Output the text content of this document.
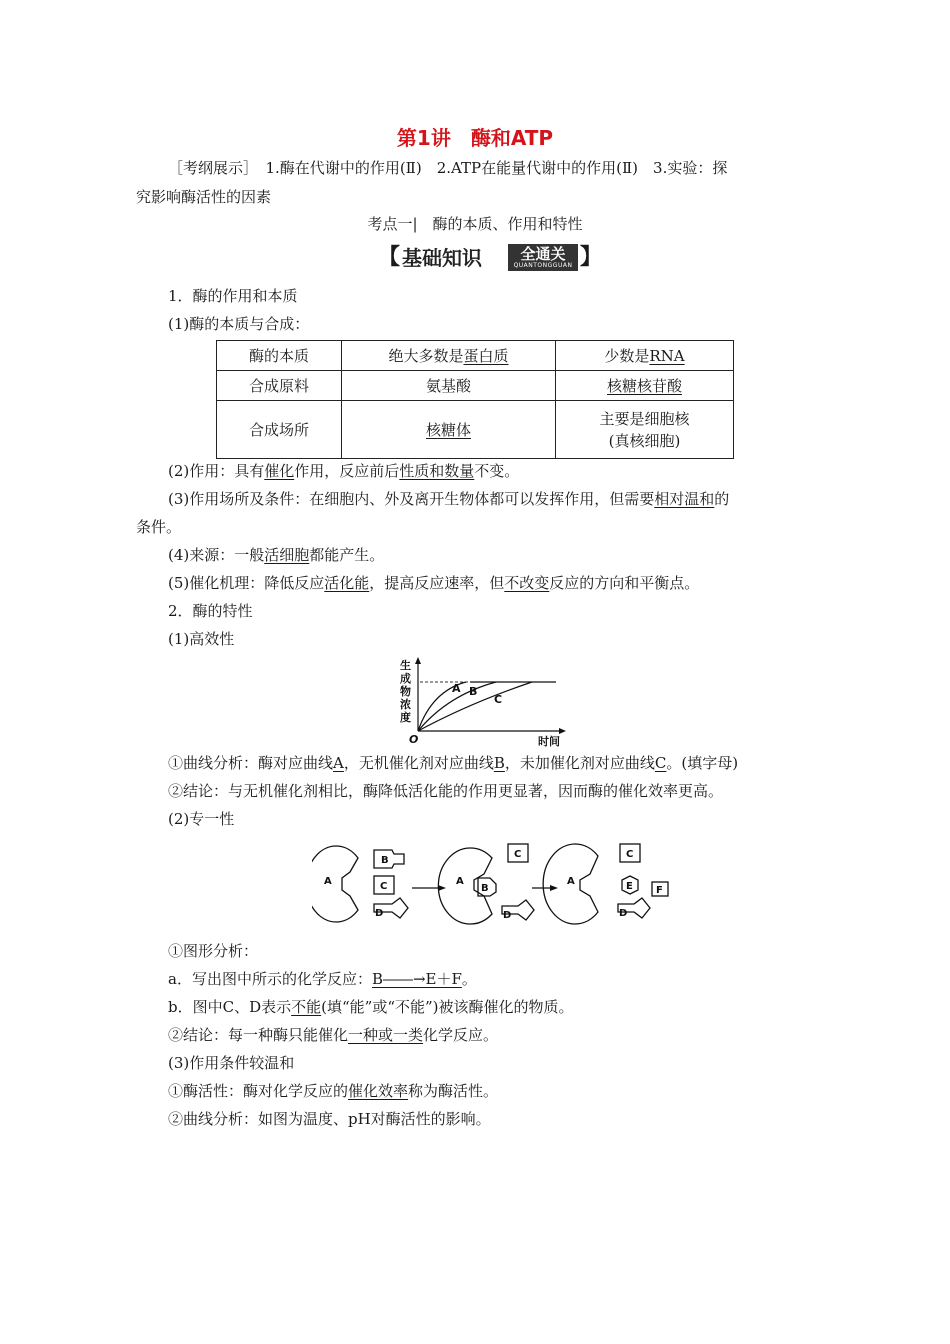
第1讲　酶和ATP
［考纲展示］　1.酶在代谢中的作用(Ⅱ)　2.ATP在能量代谢中的作用(Ⅱ)　3.实验：探
究影响酶活性的因素
考点一|　酶的本质、作用和特性
【 基础知识	全通关
QUANTONGGUAN 】
1．酶的作用和本质
(1)酶的本质与合成：
酶的本质	绝大多数是蛋白质	少数是RNA
合成原料	氨基酸	核糖核苷酸
合成场所	核糖体	主要是细胞核
(真核细胞)
(2)作用：具有催化作用，反应前后性质和数量不变。
(3)作用场所及条件：在细胞内、外及离开生物体都可以发挥作用，但需要相对温和的
条件。
(4)来源：一般活细胞都能产生。
(5)催化机理：降低反应活化能，提高反应速率，但不改变反应的方向和平衡点。
2．酶的特性
(1)高效性
生
成
物
浓
度
A B
C
O	时间
①曲线分析：酶对应曲线A，无机催化剂对应曲线B，未加催化剂对应曲线C。(填字母)
②结论：与无机催化剂相比，酶降低活化能的作用更显著，因而酶的催化效率更高。
(2)专一性
A
B
C
D
A
B
C
D
A
C
E F
D
①图形分析：
a．写出图中所示的化学反应：B――→E＋F。
b．图中C、D表示不能(填“能”或“不能”)被该酶催化的物质。
②结论：每一种酶只能催化一种或一类化学反应。
(3)作用条件较温和
①酶活性：酶对化学反应的催化效率称为酶活性。
②曲线分析：如图为温度、pH对酶活性的影响。
